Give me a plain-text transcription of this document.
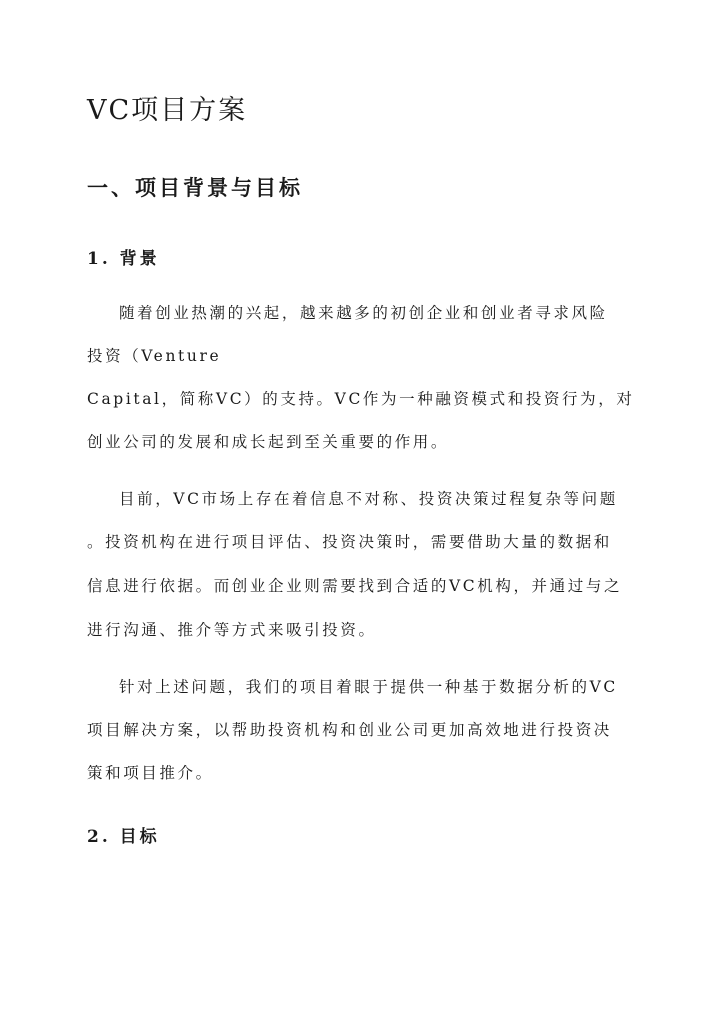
VC项目方案
一、项目背景与目标
1. 背景

随着创业热潮的兴起，越来越多的初创企业和创业者寻求风险

投资（Venture

Capital，简称VC）的支持。VC作为一种融资模式和投资行为，对

创业公司的发展和成长起到至关重要的作用。

目前，VC市场上存在着信息不对称、投资决策过程复杂等问题

。投资机构在进行项目评估、投资决策时，需要借助大量的数据和

信息进行依据。而创业企业则需要找到合适的VC机构，并通过与之

进行沟通、推介等方式来吸引投资。

针对上述问题，我们的项目着眼于提供一种基于数据分析的VC

项目解决方案，以帮助投资机构和创业公司更加高效地进行投资决

策和项目推介。

2. 目标
